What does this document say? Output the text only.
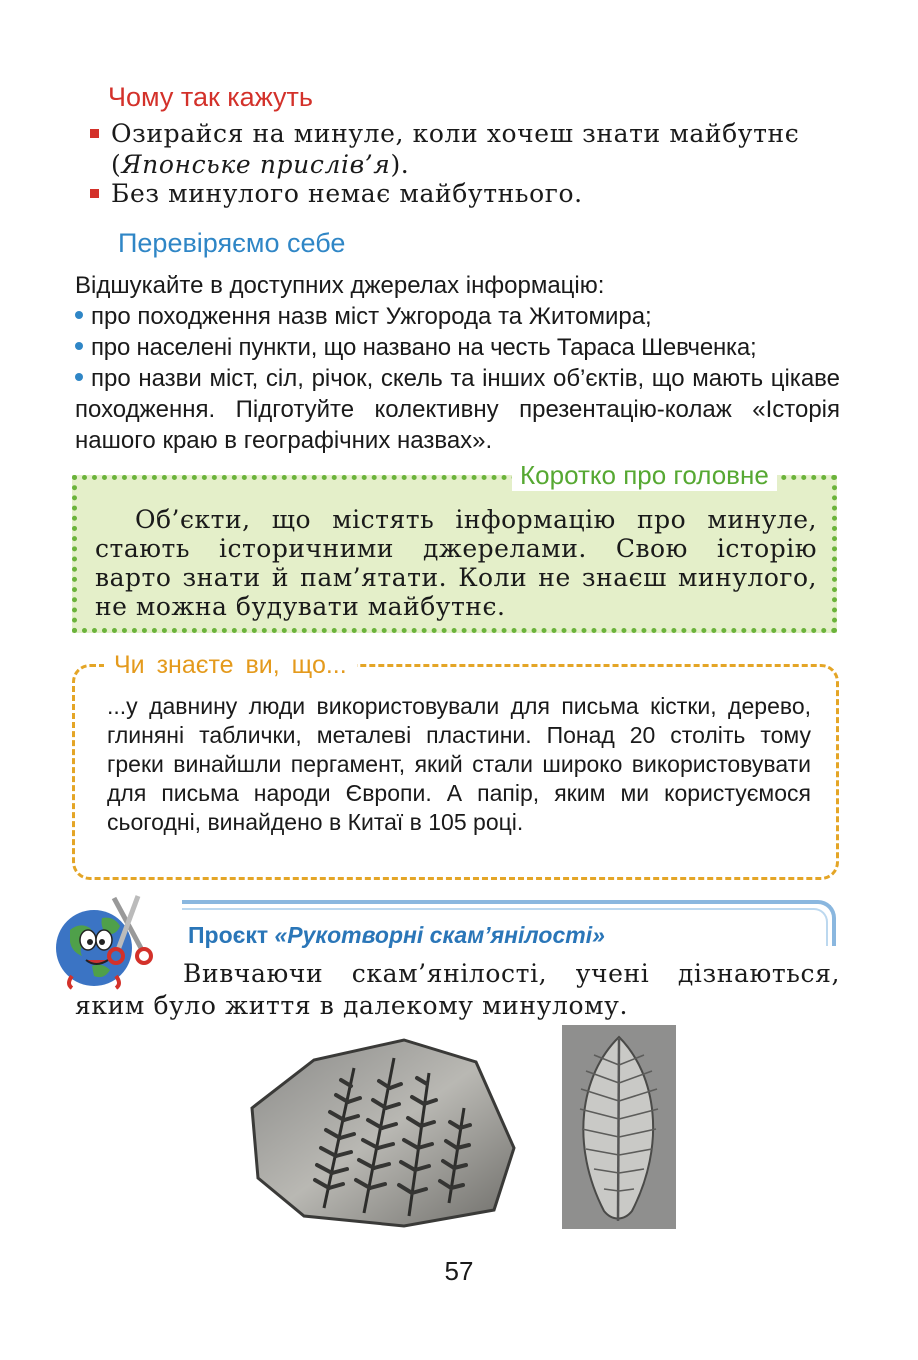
Чому так кажуть
Озирайся на минуле, коли хочеш знати майбутнє
(Японське прислів’я).
Без минулого немає майбутнього.
Перевіряємо себе
Відшукайте в доступних джерелах інформацію:
про походження назв міст Ужгорода та Житомира;
про населені пункти, що названо на честь Тараса Шевченка;
про назви міст, сіл, річок, скель та інших об’єктів, що мають цікаве походження. Підготуйте колективну презентацію-колаж «Історія нашого краю в географічних назвах».
Коротко про головне
Об’єкти, що містять інформацію про минуле, стають історичними джерелами. Свою історію варто знати й пам’ятати. Коли не знаєш минулого, не можна будувати майбутнє.
Чи знаєте ви, що...
...у давнину люди використовували для письма кістки, дерево, глиняні таблички, металеві пластини. Понад 20 століть тому греки винайшли пергамент, який стали широко використовувати для письма народи Європи. А папір, яким ми користуємося сьогодні, винайдено в Китаї в 105 році.
Проєкт «Рукотворні скам’янілості»
Вивчаючи скам’янілості, учені дізнаються, яким було життя в далекому минулому.
57
